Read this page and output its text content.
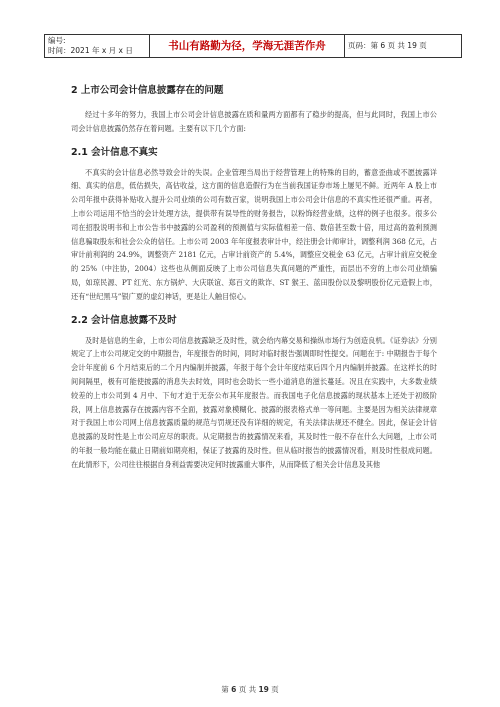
编号:
时间：2021 年 x 月 x 日	书山有路勤为径，学海无涯苦作舟	页码：第 6 页 共 19 页
2 上市公司会计信息披露存在的问题

经过十多年的努力，我国上市公司会计信息披露在质和量两方面都有了稳步的提高，但与此同时，我国上市公司会计信息披露仍然存在着问题。主要有以下几个方面:

2.1 会计信息不真实

不真实的会计信息必然导致会计的失误。企业管理当局出于经营管理上的特殊的目的，蓄意歪曲或不愿披露详细、真实的信息，低估损失，高估收益，这方面的信息造假行为在当前我国证券市场上屡见不鲜。近两年 A 股上市公司年报中获得补贴收入提升公司业绩的公司有数百家，说明我国上市公司会计信息的不真实性还很严重。再者，上市公司运用不恰当的会计处理方法，提供带有误导性的财务报告，以粉饰经营业绩，这样的例子也很多。很多公司在招股说明书和上市公告书中披露的公司盈利的预测值与实际值相差一倍、数倍甚至数十倍，用过高的盈利预测信息骗取股东和社会公众的信任。上市公司 2003 年年度报表审计中，经注册会计师审计，调整利润 368 亿元，占审计前利润的 24.9%，调整资产 2181 亿元，占审计前资产的 5.4%，调整应交税金 63 亿元，占审计前应交税金的 25%（中注协，2004）这些也从侧面反映了上市公司信息失真问题的严重性，而层出不穷的上市公司业绩骗局，如琼民源、PT 红光、东方锅炉、大庆联谊、郑百文的欺诈、ST 猴王、蓝田股份以及黎明股份亿元造假上市，还有“世纪黑马”银广夏的虚幻神话，更是让人触目惊心。

2.2 会计信息披露不及时

及时是信息的生命，上市公司信息披露缺乏及时性，就会给内幕交易和操纵市场行为创造良机。《证券法》分别规定了上市公司规定交的中期报告，年度报告的时间，同时对临时报告强调即时性提交。问题在于: 中期报告于每个会计年度前 6 个月结束后的二个月内编制并披露，年报于每个会计年度结束后四个月内编制并披露。在这样长的时间间隔里，极有可能使披露的消息失去时效，同时也会助长一些小道消息的滋长蔓延。况且在实践中，大多数业绩较差的上市公司到 4 月中、下旬才迫于无奈公布其年度报告。而我国电子化信息披露的现状基本上还处于初级阶段，网上信息披露存在披露内容不全面，披露对象模糊化、披露的报表格式单一等问题。主要是因为相关法律规章对于我国上市公司网上信息披露质量的规范与罚规还没有详细的规定，有关法律法规还不健全。因此，保证会计信息披露的及时性是上市公司应尽的职责。从定期报告的披露情况来看，其及时性一般不存在什么大问题，上市公司的年报一般均能在截止日期前如期亮相，保证了披露的及时性。但从临时报告的披露情况看，则及时性很成问题。在此情形下，公司往往根据自身利益需要决定何时披露重大事件，从而降低了相关会计信息及其他

第 6 页 共 19 页
